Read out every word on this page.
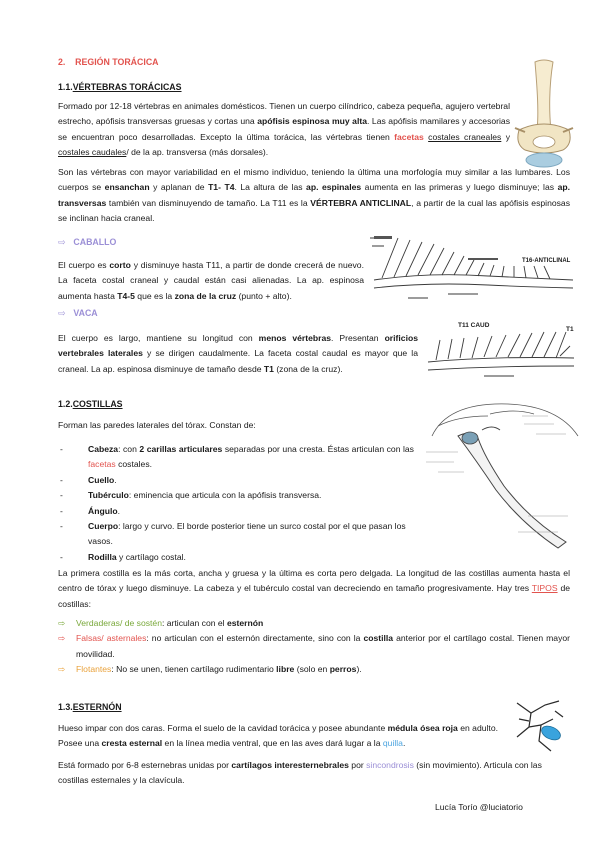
2. REGIÓN TORÁCICA
1.1.VÉRTEBRAS TORÁCICAS

Formado por 12-18 vértebras en animales domésticos. Tienen un cuerpo cilíndrico, cabeza pequeña, agujero vertebral estrecho, apófisis transversas gruesas y cortas una apófisis espinosa muy alta. Las apófisis mamilares y accesorias se encuentran poco desarrolladas. Excepto la última torácica, las vértebras tienen facetas costales craneales y costales caudales/ de la ap. transversa (más dorsales).

Son las vértebras con mayor variabilidad en el mismo individuo, teniendo la última una morfología muy similar a las lumbares. Los cuerpos se ensanchan y aplanan de T1- T4. La altura de las ap. espinales aumenta en las primeras y luego disminuye; las ap. transversas también van disminuyendo de tamaño. La T11 es la VÉRTEBRA ANTICLINAL, a partir de la cual las apófisis espinosas se inclinan hacia craneal.

⇨ CABALLO

El cuerpo es corto y disminuye hasta T11, a partir de donde crecerá de nuevo. La faceta costal craneal y caudal están casi alienadas. La ap. espinosa aumenta hasta T4-5 que es la zona de la cruz (punto + alto).

T16-ANTICLINAL
⇨ VACA

El cuerpo es largo, mantiene su longitud con menos vértebras. Presentan orificios vertebrales laterales y se dirigen caudalmente. La faceta costal caudal es mayor que la craneal. La ap. espinosa disminuye de tamaño desde T1 (zona de la cruz).

T11 CAUD
T1
1.2.COSTILLAS

Forman las paredes laterales del tórax. Constan de:

- Cabeza: con 2 carillas articulares separadas por una cresta. Éstas articulan con las facetas costales.
- Cuello.
- Tubérculo: eminencia que articula con la apófisis transversa.
- Ángulo.
- Cuerpo: largo y curvo. El borde posterior tiene un surco costal por el que pasan los vasos.
- Rodilla y cartílago costal.

La primera costilla es la más corta, ancha y gruesa y la última es corta pero delgada. La longitud de las costillas aumenta hasta el centro de tórax y luego disminuye. La cabeza y el tubérculo costal van decreciendo en tamaño progresivamente. Hay tres TIPOS de costillas:

⇨ Verdaderas/ de sostén: articulan con el esternón
⇨ Falsas/ asternales: no articulan con el esternón directamente, sino con la costilla anterior por el cartílago costal. Tienen mayor movilidad.
⇨ Flotantes: No se unen, tienen cartílago rudimentario libre (solo en perros).
1.3.ESTERNÓN

Hueso impar con dos caras. Forma el suelo de la cavidad torácica y posee abundante médula ósea roja en adulto. Posee una cresta esternal en la línea media ventral, que en las aves dará lugar a la quilla.

Está formado por 6-8 esternebras unidas por cartílagos interesternebrales por sincondrosis (sin movimiento). Articula con las costillas esternales y la clavícula.

Lucía Torío @luciatorio
